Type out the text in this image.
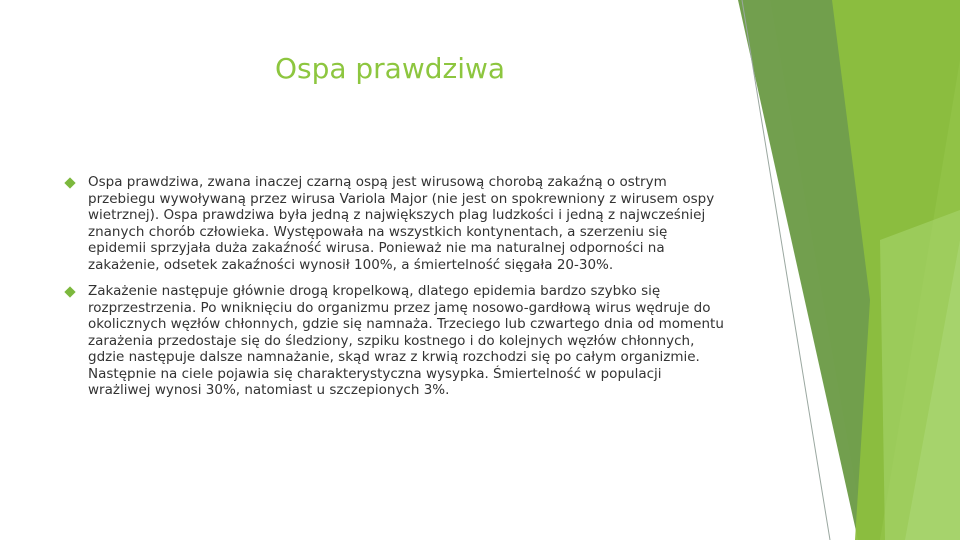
Ospa prawdziwa
Ospa prawdziwa, zwana inaczej czarną ospą jest wirusową chorobą zakaźną o ostrym przebiegu wywoływaną przez wirusa Variola Major (nie jest on spokrewniony z wirusem ospy wietrznej). Ospa prawdziwa była jedną z największych plag ludzkości i jedną z najwcześniej znanych chorób człowieka. Występowała na wszystkich kontynentach, a szerzeniu się epidemii sprzyjała duża zakaźność wirusa. Ponieważ nie ma naturalnej odporności na zakażenie, odsetek zakaźności wynosił 100%, a śmiertelność sięgała 20‑30%.
Zakażenie następuje głównie drogą kropelkową, dlatego epidemia bardzo szybko się rozprzestrzenia. Po wniknięciu do organizmu przez jamę nosowo-gardłową wirus wędruje do okolicznych węzłów chłonnych, gdzie się namnaża. Trzeciego lub czwartego dnia od momentu zarażenia przedostaje się do śledziony, szpiku kostnego i do kolejnych węzłów chłonnych, gdzie następuje dalsze namnażanie, skąd wraz z krwią rozchodzi się po całym organizmie. Następnie na ciele pojawia się charakterystyczna wysypka. Śmiertelność w populacji wrażliwej wynosi 30%, natomiast u szczepionych 3%.
